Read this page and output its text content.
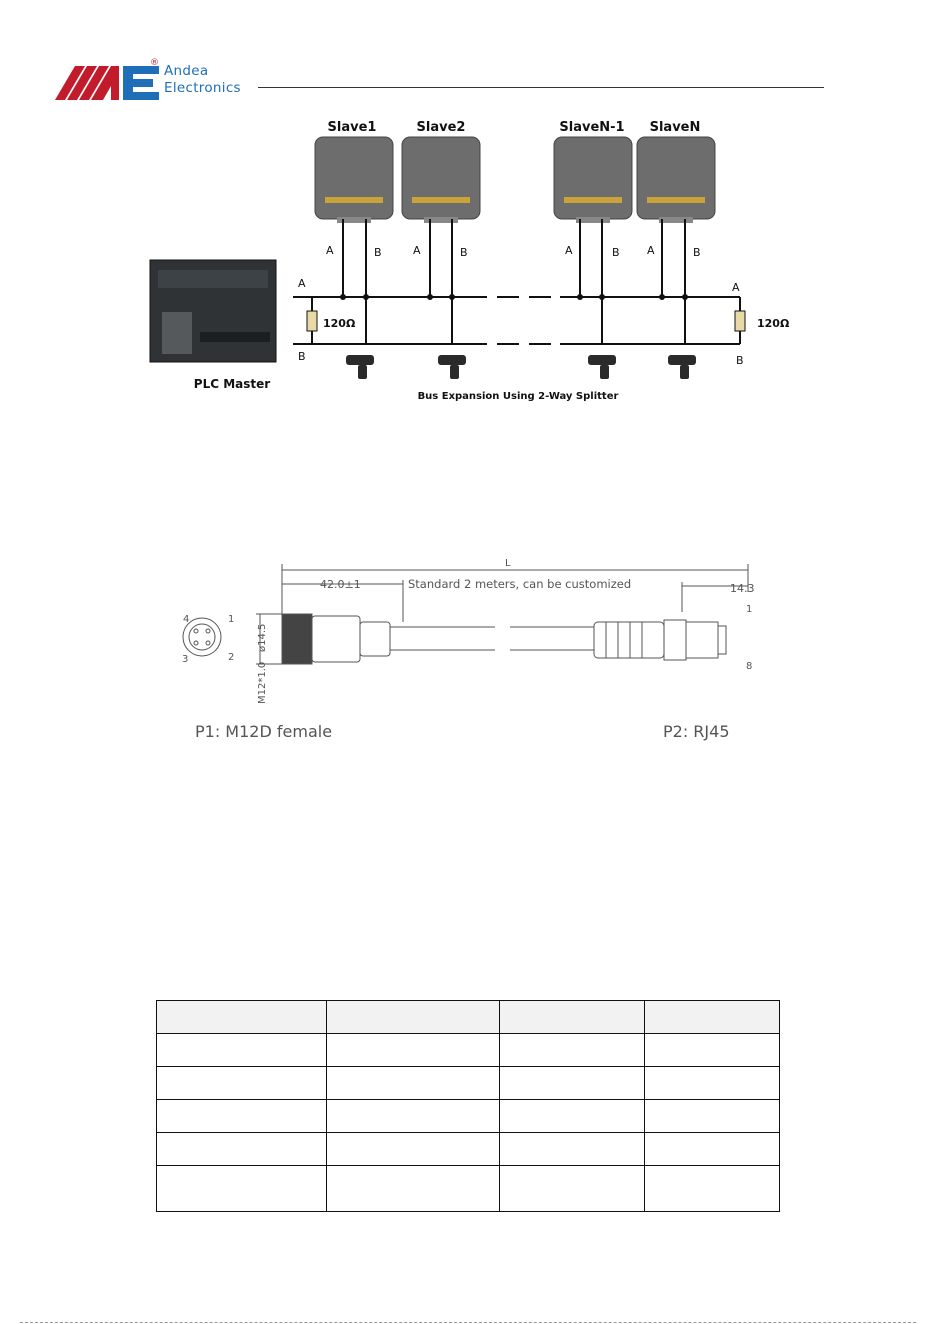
® Andea
Electronics
Slave1	Slave2	SlaveN-1 SlaveN
PLC Master
120Ω	120Ω
A
B
A
B
A	B	A	B	A	B A	B
Bus Expansion Using 2-Way Splitter
L
42.0±1	Standard 2 meters, can be customized	14.3
ø14.5
M12*1.0
4	1
3	2
1
8
P1: M12D female	P2: RJ45
